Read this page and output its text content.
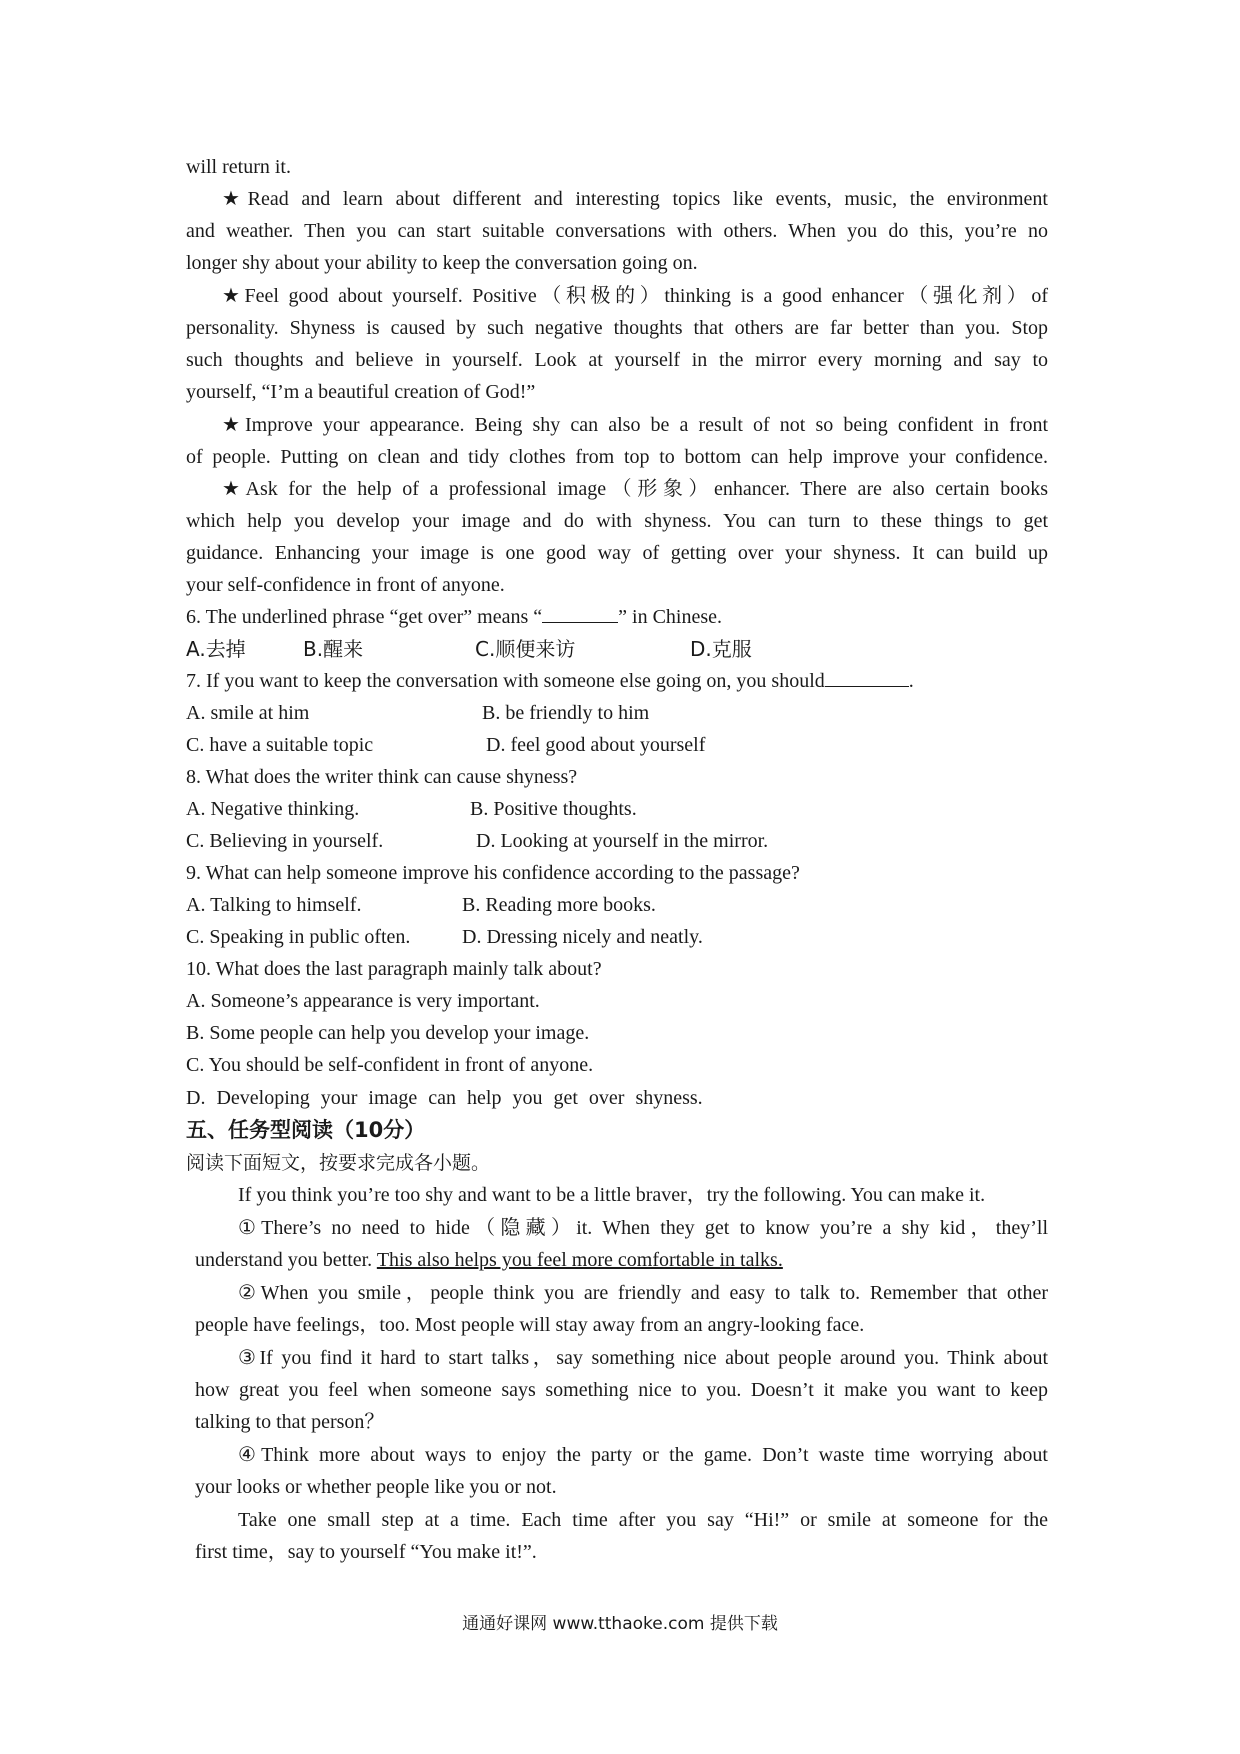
will return it.
★Read and learn about different and interesting topics like events, music, the environment
and weather. Then you can start suitable conversations with others. When you do this, you’re no
longer shy about your ability to keep the conversation going on.
★Feel good about yourself. Positive（积极的）thinking is a good enhancer（强化剂）of
personality. Shyness is caused by such negative thoughts that others are far better than you. Stop
such thoughts and believe in yourself. Look at yourself in the mirror every morning and say to
yourself, “I’m a beautiful creation of God!”
★Improve your appearance. Being shy can also be a result of not so being confident in front
of people. Putting on clean and tidy clothes from top to bottom can help improve your confidence.
★Ask for the help of a professional image（形象）enhancer. There are also certain books
which help you develop your image and do with shyness. You can turn to these things to get
guidance. Enhancing your image is one good way of getting over your shyness. It can build up
your self-confidence in front of anyone.
6. The underlined phrase “get over” means “	” in Chinese.
A.去掉	B.醒来	C.顺便来访	D.克服
7. If you want to keep the conversation with someone else going on, you should	.
A. smile at him	B. be friendly to him
C. have a suitable topic	D. feel good about yourself
8. What does the writer think can cause shyness?
A. Negative thinking.	B. Positive thoughts.
C. Believing in yourself.	D. Looking at yourself in the mirror.
9. What can help someone improve his confidence according to the passage?
A. Talking to himself.	B. Reading more books.
C. Speaking in public often.	D. Dressing nicely and neatly.
10. What does the last paragraph mainly talk about?
A. Someone’s appearance is very important.
B. Some people can help you develop your image.
C. You should be self-confident in front of anyone.
D. Developing your image can help you get over shyness.
五、任务型阅读（10分）
阅读下面短文，按要求完成各小题。
If you think you’re too shy and want to be a little braver，try the following. You can make it.
①There’s no need to hide（隐藏）it. When they get to know you’re a shy kid，they’ll
understand you better. This also helps you feel more comfortable in talks.
②When you smile，people think you are friendly and easy to talk to. Remember that other
people have feelings，too. Most people will stay away from an angry-looking face.
③If you find it hard to start talks，say something nice about people around you. Think about
how great you feel when someone says something nice to you. Doesn’t it make you want to keep
talking to that person？
④Think more about ways to enjoy the party or the game. Don’t waste time worrying about
your looks or whether people like you or not.
Take one small step at a time. Each time after you say “Hi!” or smile at someone for the
first time，say to yourself “You make it!”.
通通好课网 www.tthaoke.com 提供下载
